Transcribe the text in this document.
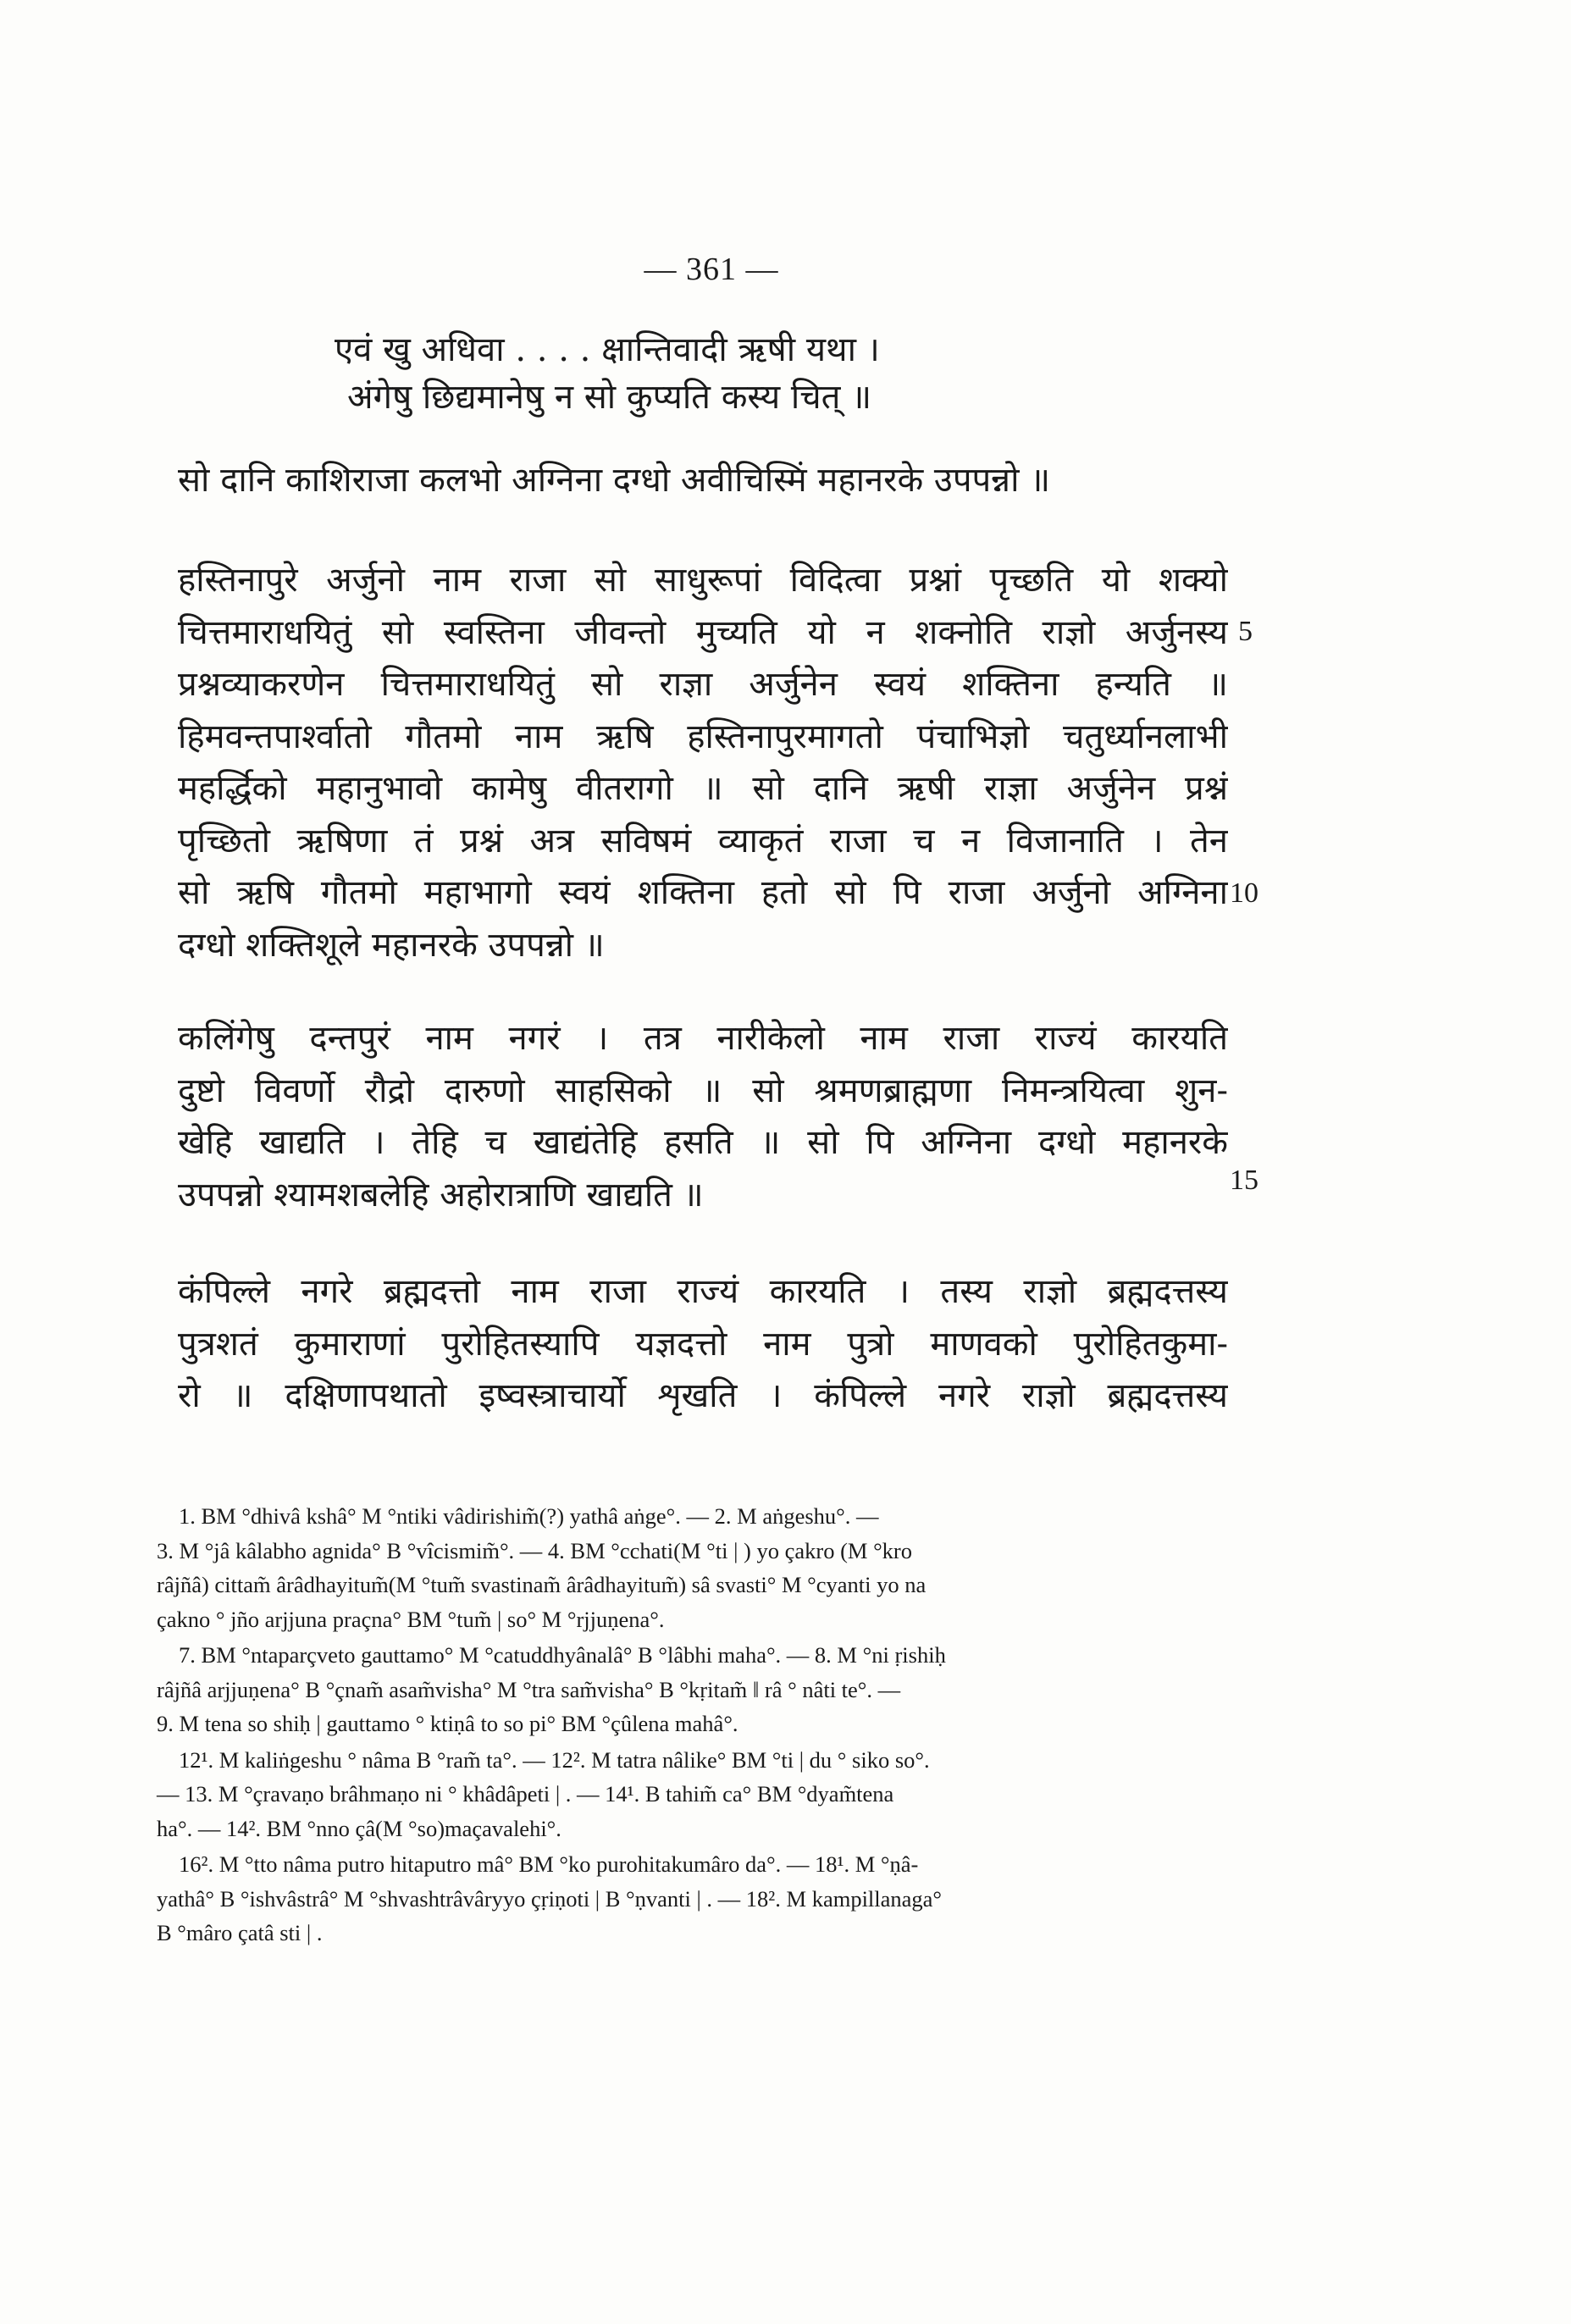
— 361 —
एवं खु अधिवा . . . . क्षान्तिवादी ऋषी यथा ।
अंगेषु छिद्यमानेषु न सो कुप्यति कस्य चित् ॥
सो दानि काशिराजा कलभो अग्निना दग्धो अवीचिस्मिं महानरके उपपन्नो ॥
हस्तिनापुरे अर्जुनो नाम राजा सो साधुरूपां विदित्वा प्रश्नां पृच्छति यो शक्यो
चित्तमाराधयितुं सो स्वस्तिना जीवन्तो मुच्यति यो न शक्नोति राज्ञो अर्जुनस्य
प्रश्नव्याकरणेन चित्तमाराधयितुं सो राज्ञा अर्जुनेन स्वयं शक्तिना हन्यति ॥
हिमवन्तपार्श्वातो गौतमो नाम ऋषि हस्तिनापुरमागतो पंचाभिज्ञो चतुर्ध्यानलाभी
महर्द्धिको महानुभावो कामेषु वीतरागो ॥ सो दानि ऋषी राज्ञा अर्जुनेन प्रश्नं
पृच्छितो ऋषिणा तं प्रश्नं अत्र सविषमं व्याकृतं राजा च न विजानाति । तेन
सो ऋषि गौतमो महाभागो स्वयं शक्तिना हतो सो पि राजा अर्जुनो अग्निना
दग्धो शक्तिशूले महानरके उपपन्नो ॥
कलिंगेषु दन्तपुरं नाम नगरं । तत्र नारीकेलो नाम राजा राज्यं कारयति
दुष्टो विवर्णो रौद्रो दारुणो साहसिको ॥ सो श्रमणब्राह्मणा निमन्त्रयित्वा शुन-
खेहि खाद्यति । तेहि च खाद्यंतेहि हसति ॥ सो पि अग्निना दग्धो महानरके
उपपन्नो श्यामशबलेहि अहोरात्राणि खाद्यति ॥
कंपिल्ले नगरे ब्रह्मदत्तो नाम राजा राज्यं कारयति । तस्य राज्ञो ब्रह्मदत्तस्य
पुत्रशतं कुमाराणां पुरोहितस्यापि यज्ञदत्तो नाम पुत्रो माणवको पुरोहितकुमा-
रो ॥ दक्षिणापथातो इष्वस्त्राचार्यो शृखति । कंपिल्ले नगरे राज्ञो ब्रह्मदत्तस्य
5
10
15
1. BM °dhivâ kshâ° M °ntiki vâdirishim̃(?) yathâ aṅge°. — 2. M aṅgeshu°. —
3. M °jâ kâlabho agnida° B °vîcismim̃°. — 4. BM °cchati(M °ti | ) yo çakro (M °kro
râjñâ) cittam̃ ârâdhayitum̃(M °tum̃ svastinam̃ ârâdhayitum̃) sâ svasti° M °cyanti yo na
çakno ° jño arjjuna praçna° BM °tum̃ | so° M °rjjuṇena°.
7. BM °ntaparçveto gauttamo° M °catuddhyânalâ° B °lâbhi maha°. — 8. M °ni ṛishiḥ
râjñâ arjjuṇena° B °çnam̃ asam̃visha° M °tra sam̃visha° B °kṛitam̃ ‖ râ ° nâti te°. —
9. M tena so shiḥ | gauttamo ° ktiṇâ to so pi° BM °çûlena mahâ°.
12¹. M kaliṅgeshu ° nâma B °ram̃ ta°. — 12². M tatra nâlike° BM °ti | du ° siko so°.
— 13. M °çravaṇo brâhmaṇo ni ° khâdâpeti | . — 14¹. B tahim̃ ca° BM °dyam̃tena
ha°. — 14². BM °nno çâ(M °so)maçavalehi°.
16². M °tto nâma putro hitaputro mâ° BM °ko purohitakumâro da°. — 18¹. M °ṇâ-
yathâ° B °ishvâstrâ° M °shvashtrâvâryyo çṛiṇoti | B °ṇvanti | . — 18². M kampillanaga°
B °mâro çatâ sti | .
